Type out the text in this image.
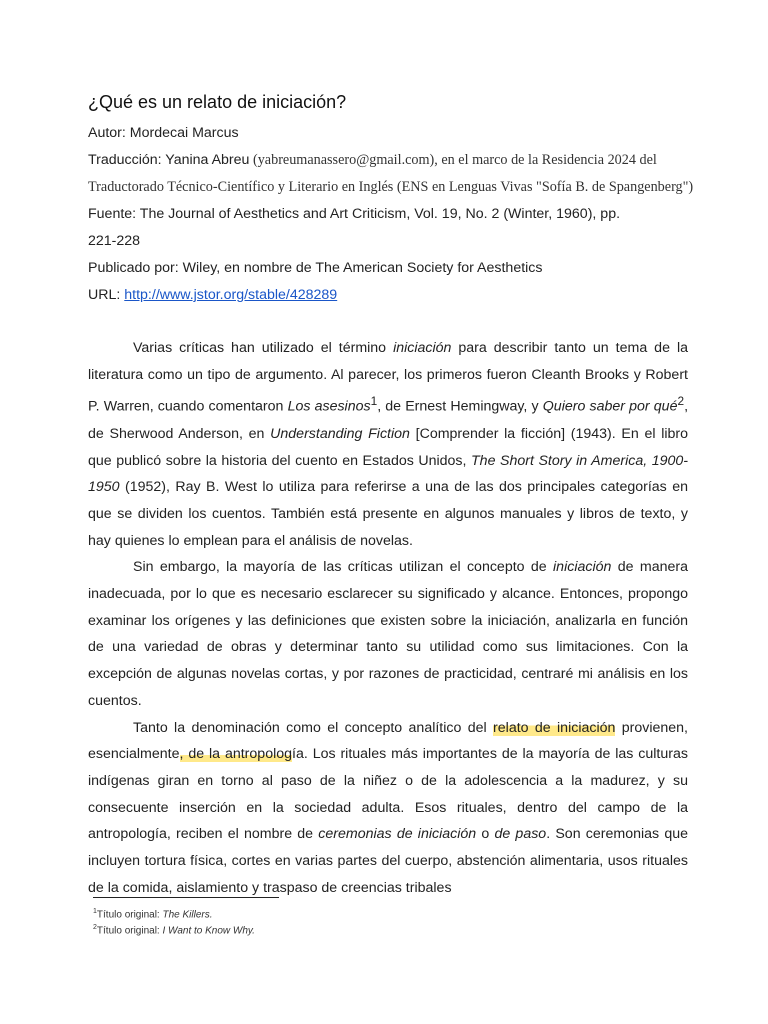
¿Qué es un relato de iniciación?
Autor: Mordecai Marcus
Traducción: Yanina Abreu (yabreumanassero@gmail.com), en el marco de la Residencia 2024 del
Traductorado Técnico-Científico y Literario en Inglés (ENS en Lenguas Vivas "Sofía B. de Spangenberg")
Fuente: The Journal of Aesthetics and Art Criticism, Vol. 19, No. 2 (Winter, 1960), pp.
221-228
Publicado por: Wiley, en nombre de The American Society for Aesthetics
URL: http://www.jstor.org/stable/428289

Varias críticas han utilizado el término iniciación para describir tanto un tema de la literatura como un tipo de argumento. Al parecer, los primeros fueron Cleanth Brooks y Robert P. Warren, cuando comentaron Los asesinos$^1$, de Ernest Hemingway, y Quiero saber por qué$^2$, de Sherwood Anderson, en Understanding Fiction [Comprender la ficción] (1943). En el libro que publicó sobre la historia del cuento en Estados Unidos, The Short Story in America, 1900-1950 (1952), Ray B. West lo utiliza para referirse a una de las dos principales categorías en que se dividen los cuentos. También está presente en algunos manuales y libros de texto, y hay quienes lo emplean para el análisis de novelas.

Sin embargo, la mayoría de las críticas utilizan el concepto de iniciación de manera inadecuada, por lo que es necesario esclarecer su significado y alcance. Entonces, propongo examinar los orígenes y las definiciones que existen sobre la iniciación, analizarla en función de una variedad de obras y determinar tanto su utilidad como sus limitaciones. Con la excepción de algunas novelas cortas, y por razones de practicidad, centraré mi análisis en los cuentos.

Tanto la denominación como el concepto analítico del relato de iniciación provienen, esencialmente, de la antropología. Los rituales más importantes de la mayoría de las culturas indígenas giran en torno al paso de la niñez o de la adolescencia a la madurez, y su consecuente inserción en la sociedad adulta. Esos rituales, dentro del campo de la antropología, reciben el nombre de ceremonias de iniciación o de paso. Son ceremonias que incluyen tortura física, cortes en varias partes del cuerpo, abstención alimentaria, usos rituales de la comida, aislamiento y traspaso de creencias tribales

$^1$Título original: The Killers.
$^2$Título original: I Want to Know Why.
